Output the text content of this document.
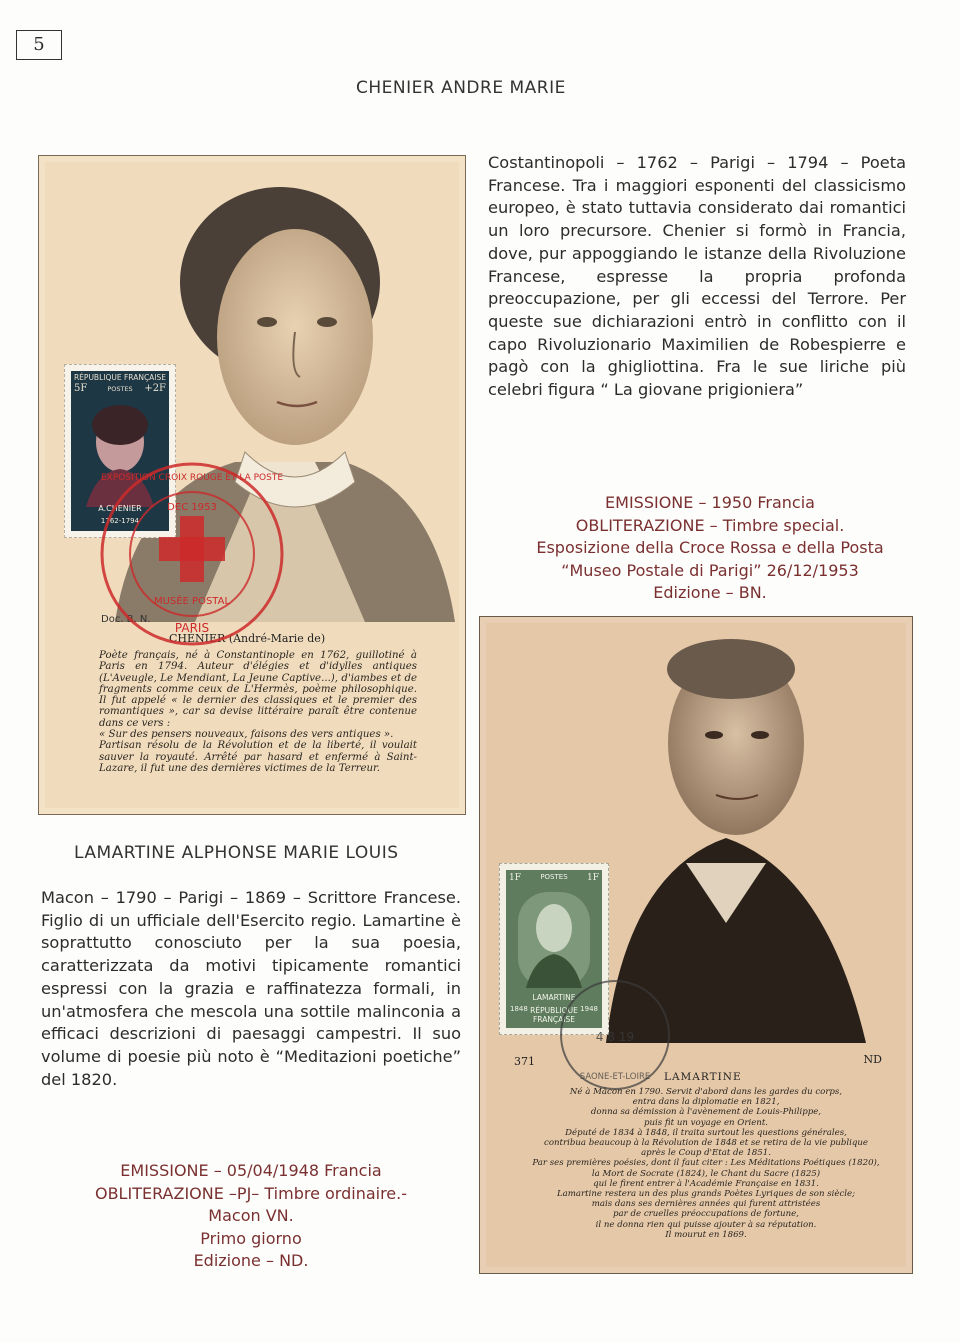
5
CHENIER ANDRE MARIE
Doc. B. N.
CHÉNIER (André-Marie de)
Poète français, né à Constantinople en 1762, guillotiné à Paris en 1794. Auteur d'élégies et d'idylles antiques (L'Aveugle, Le Mendiant, La Jeune Captive...), d'iambes et de fragments comme ceux de L'Hermès, poème philosophique. Il fut appelé « le dernier des classiques et le premier des romantiques », car sa devise littéraire paraît être contenue dans ce vers :
« Sur des pensers nouveaux, faisons des vers antiques ».
Partisan résolu de la Révolution et de la liberté, il voulait sauver la royauté. Arrêté par hasard et enfermé à Saint-Lazare, il fut une des dernières victimes de la Terreur.
RÉPUBLIQUE FRANÇAISE
5F	+2F
POSTES
A.CHENIER
1762-1794
DEC 1953
MUSÉE POSTAL
PARIS
EXPOSITION CROIX ROUGE ET LA POSTE
Costantinopoli – 1762 – Parigi – 1794 – Poeta Francese. Tra i maggiori esponenti del classicismo europeo, è stato tuttavia considerato dai romantici un loro precursore. Chenier si formò in Francia, dove, pur appoggiando le istanze della Rivoluzione Francese, espresse la propria profonda preoccupazione, per gli eccessi del Terrore. Per queste sue dichiarazioni entrò in conflitto con il capo Rivoluzionario Maximilien de Robespierre e pagò con la ghigliottina. Fra le sue liriche più celebri figura “ La giovane prigioniera”
EMISSIONE – 1950 Francia
OBLITERAZIONE – Timbre special.
Esposizione della Croce Rossa e della Posta
“Museo Postale di Parigi” 26/12/1953
Edizione – BN.
371	ND
LAMARTINE
Né à Mâcon en 1790. Servit d'abord dans les gardes du corps,
entra dans la diplomatie en 1821,
donna sa démission à l'avènement de Louis-Philippe,
puis fit un voyage en Orient.
Député de 1834 à 1848, il traita surtout les questions générales,
contribua beaucoup à la Révolution de 1848 et se retira de la vie publique
après le Coup d'Etat de 1851.
Par ses premières poésies, dont il faut citer : Les Méditations Poétiques (1820),
la Mort de Socrate (1824), le Chant du Sacre (1825)
qui le firent entrer à l'Académie Française en 1831.
Lamartine restera un des plus grands Poètes Lyriques de son siècle;
mais dans ses dernières années qui furent attristées
par de cruelles préoccupations de fortune,
il ne donna rien qui puisse ajouter à sa réputation.
Il mourut en 1869.
1F	1F
POSTES
LAMARTINE
1848	1948
RÉPUBLIQUE FRANÇAISE
4 8 19
SAONE-ET-LOIRE
LAMARTINE ALPHONSE MARIE LOUIS
Macon – 1790 – Parigi – 1869 – Scrittore Francese. Figlio di un ufficiale dell'Esercito regio. Lamartine è soprattutto conosciuto per la sua poesia, caratterizzata da motivi tipicamente romantici espressi con la grazia e raffinatezza formali, in un'atmosfera che mescola una sottile malinconia a efficaci descrizioni di paesaggi campestri. Il suo volume di poesie più noto è “Meditazioni poetiche” del 1820.
EMISSIONE – 05/04/1948 Francia
OBLITERAZIONE –PJ– Timbre ordinaire.-
Macon VN.
Primo giorno
Edizione – ND.
